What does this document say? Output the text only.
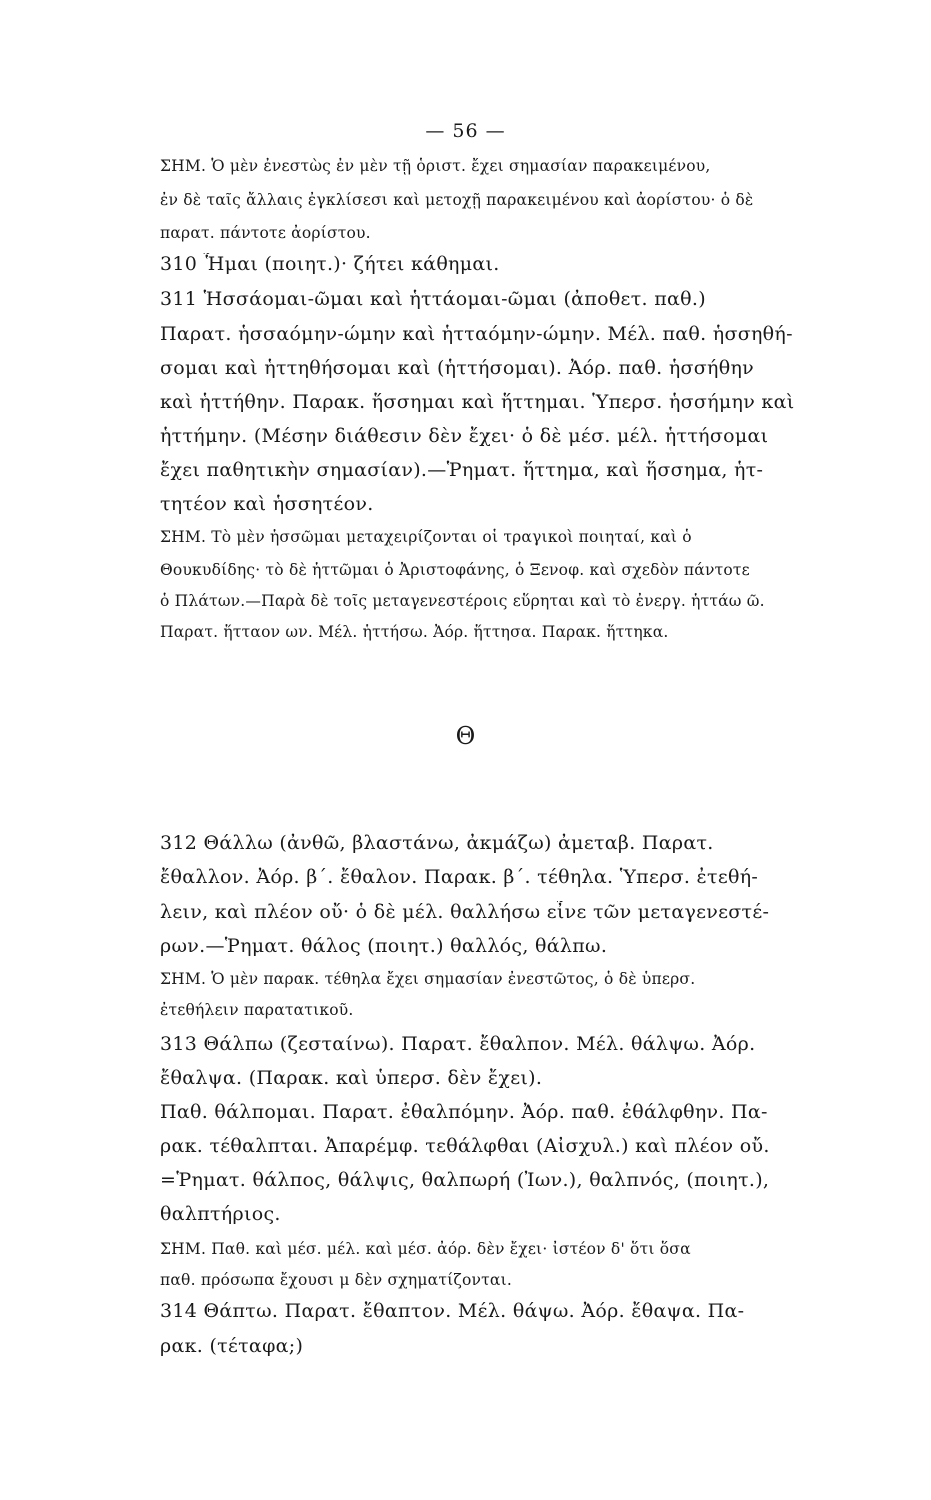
— 56 —
ΣΗΜ. Ὁ μὲν ἐνεστὼς ἐν μὲν τῇ ὁριστ. ἔχει σημασίαν παρακειμένου,
ἐν δὲ ταῖς ἄλλαις ἐγκλίσεσι καὶ μετοχῇ παρακειμένου καὶ ἀορίστου· ὁ δὲ
παρατ. πάντοτε ἀορίστου.
310 Ἧμαι (ποιητ.)· ζήτει κάθημαι.
311 Ἡσσάομαι-ῶμαι καὶ ἡττάομαι-ῶμαι (ἀποθετ. παθ.)
Παρατ. ἡσσαόμην-ώμην καὶ ἡτταόμην-ώμην. Μέλ. παθ. ἡσσηθή-
σομαι καὶ ἡττηθήσομαι καὶ (ἡττήσομαι). Ἀόρ. παθ. ἡσσήθην
καὶ ἡττήθην. Παρακ. ἥσσημαι καὶ ἥττημαι. Ὑπερσ. ἡσσήμην καὶ
ἡττήμην. (Μέσην διάθεσιν δὲν ἔχει· ὁ δὲ μέσ. μέλ. ἡττήσομαι
ἔχει παθητικὴν σημασίαν).—Ῥηματ. ἥττημα, καὶ ἥσσημα, ἡτ-
τητέον καὶ ἡσσητέον.
ΣΗΜ. Τὸ μὲν ἡσσῶμαι μεταχειρίζονται οἱ τραγικοὶ ποιηταί, καὶ ὁ
Θουκυδίδης· τὸ δὲ ἡττῶμαι ὁ Ἀριστοφάνης, ὁ Ξενοφ. καὶ σχεδὸν πάντοτε
ὁ Πλάτων.—Παρὰ δὲ τοῖς μεταγενεστέροις εὕρηται καὶ τὸ ἐνεργ. ἡττάω ῶ.
Παρατ. ἥτταον ων. Μέλ. ἡττήσω. Ἀόρ. ἥττησα. Παρακ. ἥττηκα.
Θ
312 Θάλλω (ἀνθῶ, βλαστάνω, ἀκμάζω) ἀμεταβ. Παρατ.
ἔθαλλον. Ἀόρ. β΄. ἔθαλον. Παρακ. β΄. τέθηλα. Ὑπερσ. ἐτεθή-
λειν, καὶ πλέον οὔ· ὁ δὲ μέλ. θαλλήσω εἶνε τῶν μεταγενεστέ-
ρων.—Ῥηματ. θάλος (ποιητ.) θαλλός, θάλπω.
ΣΗΜ. Ὁ μὲν παρακ. τέθηλα ἔχει σημασίαν ἐνεστῶτος, ὁ δὲ ὑπερσ.
ἐτεθήλειν παρατατικοῦ.
313 Θάλπω (ζεσταίνω). Παρατ. ἔθαλπον. Μέλ. θάλψω. Ἀόρ.
ἔθαλψα. (Παρακ. καὶ ὑπερσ. δὲν ἔχει).
Παθ. θάλπομαι. Παρατ. ἐθαλπόμην. Ἀόρ. παθ. ἐθάλφθην. Πα-
ρακ. τέθαλπται. Ἀπαρέμφ. τεθάλφθαι (Αἰσχυλ.) καὶ πλέον οὔ.
=Ῥηματ. θάλπος, θάλψις, θαλπωρή (Ἰων.), θαλπνός, (ποιητ.),
θαλπτήριος.
ΣΗΜ. Παθ. καὶ μέσ. μέλ. καὶ μέσ. ἀόρ. δὲν ἔχει· ἰστέον δ' ὅτι ὅσα
παθ. πρόσωπα ἔχουσι μ δὲν σχηματίζονται.
314 Θάπτω. Παρατ. ἔθαπτον. Μέλ. θάψω. Ἀόρ. ἔθαψα. Πα-
ρακ. (τέταφα;)
